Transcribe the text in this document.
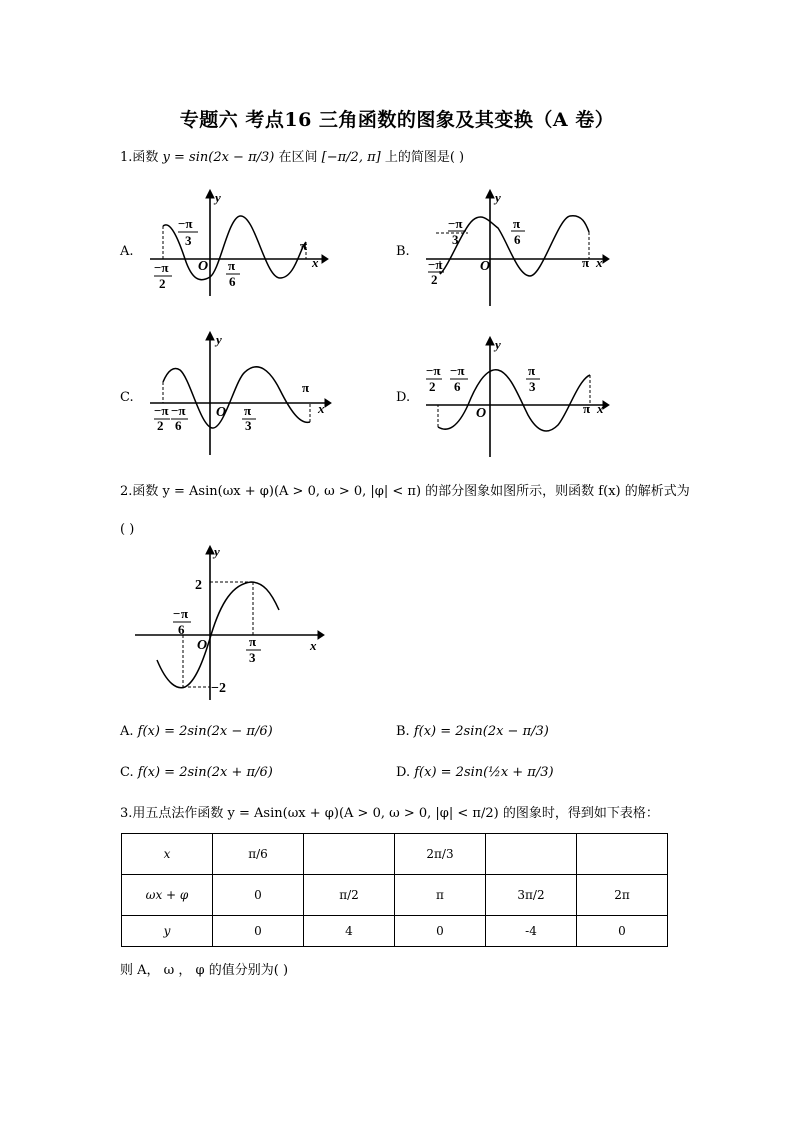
专题六 考点16 三角函数的图象及其变换（A 卷）
1.函数 y = sin(2x − π/3) 在区间 [−π/2, π] 上的简图是( )
A.
−π
2
−π
3
O π
6
π
x
y
B.
−π
2
−π
3
O
π
6
π x
y
C.
−π
2
−π
6
O π
3
π
x
y
D.
−π
2
−π
6
O
π
3
π x
y
2.函数 y = Asin(ωx + φ)(A > 0, ω > 0, |φ| < π) 的部分图象如图所示，则函数 f(x) 的解析式为
( )
2
−2
− π
6
O	π
3
x
y
A. f(x) = 2sin(2x − π/6)	B. f(x) = 2sin(2x − π/3)
C. f(x) = 2sin(2x + π/6)	D. f(x) = 2sin(½x + π/3)
3.用五点法作函数 y = Asin(ωx + φ)(A > 0, ω > 0, |φ| < π/2) 的图象时，得到如下表格：
x	π/6		2π/3		
ωx + φ	0	π/2	π	3π/2	2π
y	0	4	0	-4	0
则 A， ω ， φ 的值分别为( )
